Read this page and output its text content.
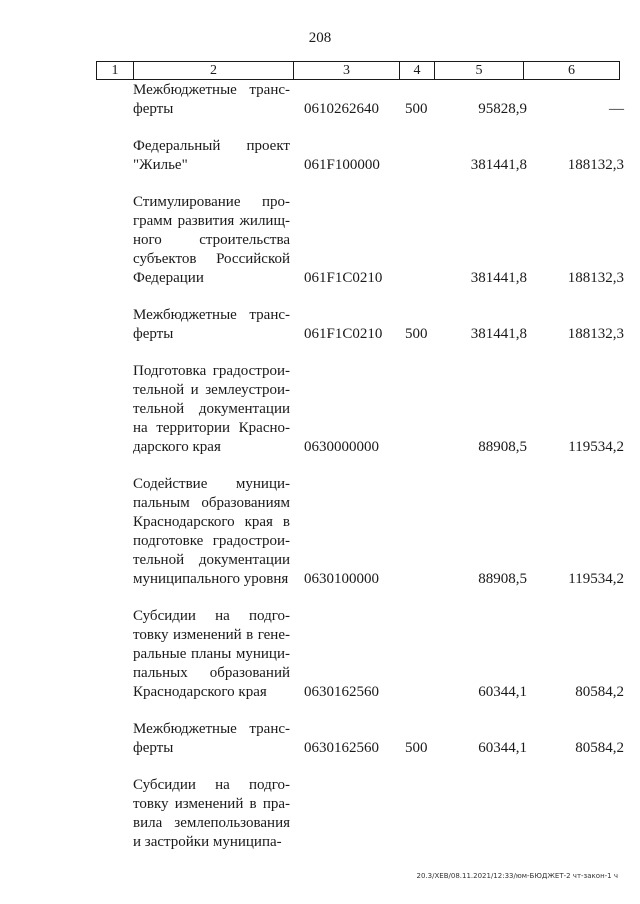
208
1	2	3	4	5	6
Межбюджетные транс-
ферты	0610262640 500	95828,9	—
Федеральный проект
"Жилье"	061F100000	381441,8	188132,3
Стимулирование про-
грамм развития жилищ-
ного строительства
субъектов Российской
Федерации	061F1C0210	381441,8	188132,3
Межбюджетные транс-
ферты	061F1C0210 500	381441,8	188132,3
Подготовка градострои-
тельной и землеустрои-
тельной документации
на территории Красно-
дарского края	0630000000	88908,5	119534,2
Содействие муници-
пальным образованиям
Краснодарского края в
подготовке градострои-
тельной документации
муниципального уровня 0630100000	88908,5	119534,2
Субсидии на подго-
товку изменений в гене-
ральные планы муници-
пальных образований
Краснодарского края	0630162560	60344,1	80584,2
Межбюджетные транс-
ферты	0630162560 500	60344,1	80584,2
Субсидии на подго-
товку изменений в пра-
вила землепользования
и застройки муниципа-
20.3/ХЕВ/08.11.2021/12:33/юм-БЮДЖЕТ-2 чт-закон-1 ч
